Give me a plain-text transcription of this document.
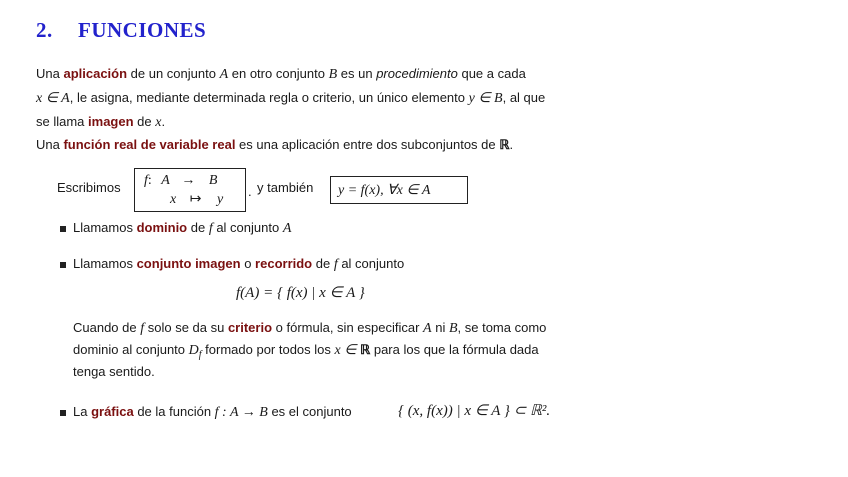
2. FUNCIONES
Una aplicación de un conjunto A en otro conjunto B es un procedimiento que a cada
x ∈ A, le asigna, mediante determinada regla o criterio, un único elemento y ∈ B, al que
se llama imagen de x.
Una función real de variable real es una aplicación entre dos subconjuntos de ℝ.
Escribimos f: A → B
x ↦ y
. y también y = f(x), ∀x ∈ A
Llamamos dominio de f al conjunto A
Llamamos conjunto imagen o recorrido de f al conjunto
f(A) = { f(x) | x ∈ A }
Cuando de f solo se da su criterio o fórmula, sin especificar A ni B, se toma como
dominio al conjunto $D_f$ formado por todos los x ∈ ℝ para los que la fórmula dada
tenga sentido.
La gráfica de la función f : A → B es el conjunto	{ (x, f(x)) | x ∈ A } ⊂ ℝ².
